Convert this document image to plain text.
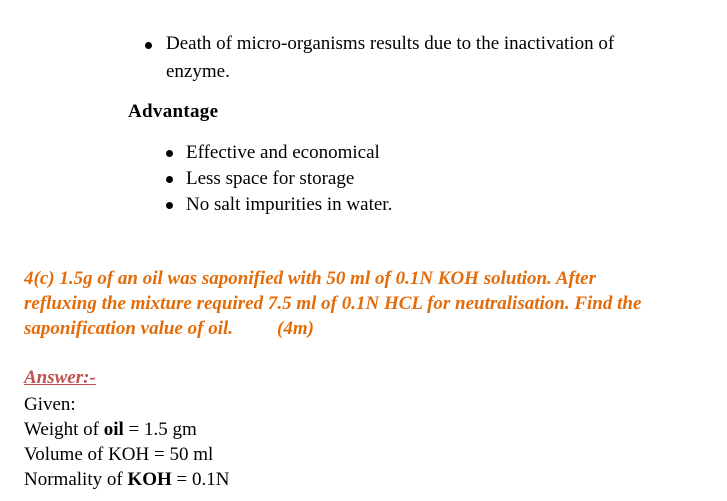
Death of micro-organisms results due to the inactivation of
enzyme.
Advantage
Effective and economical
Less space for storage
No salt impurities in water.
4(c) 1.5g of an oil was saponified with 50 ml of 0.1N KOH solution. After
refluxing the mixture required 7.5 ml of 0.1N HCL for neutralisation. Find the
saponification value of oil. (4m)
Answer:-
Given:
Weight of oil = 1.5 gm
Volume of KOH = 50 ml
Normality of KOH = 0.1N
